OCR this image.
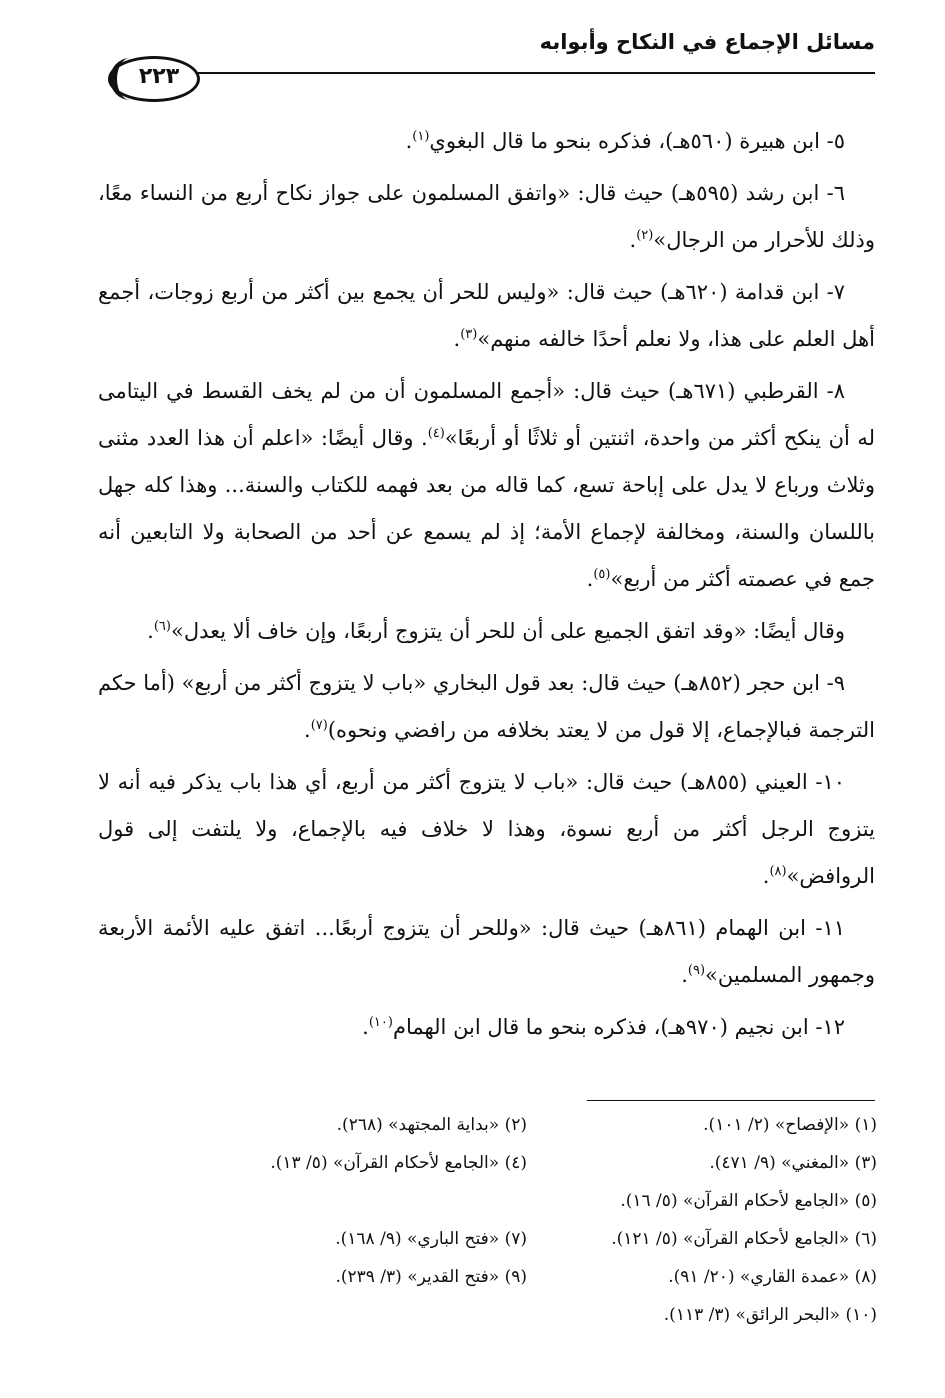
مسائل الإجماع في النكاح وأبوابه
٢٢٣

٥- ابن هبيرة (٥٦٠هـ)، فذكره بنحو ما قال البغوي$^{(١)}$.

٦- ابن رشد (٥٩٥هـ) حيث قال: «واتفق المسلمون على جواز نكاح أربع من النساء معًا، وذلك للأحرار من الرجال»$^{(٢)}$.

٧- ابن قدامة (٦٢٠هـ) حيث قال: «وليس للحر أن يجمع بين أكثر من أربع زوجات، أجمع أهل العلم على هذا، ولا نعلم أحدًا خالفه منهم»$^{(٣)}$.

٨- القرطبي (٦٧١هـ) حيث قال: «أجمع المسلمون أن من لم يخف القسط في اليتامى له أن ينكح أكثر من واحدة، اثنتين أو ثلاثًا أو أربعًا»$^{(٤)}$. وقال أيضًا: «اعلم أن هذا العدد مثنى وثلاث ورباع لا يدل على إباحة تسع، كما قاله من بعد فهمه للكتاب والسنة... وهذا كله جهل باللسان والسنة، ومخالفة لإجماع الأمة؛ إذ لم يسمع عن أحد من الصحابة ولا التابعين أنه جمع في عصمته أكثر من أربع»$^{(٥)}$.

وقال أيضًا: «وقد اتفق الجميع على أن للحر أن يتزوج أربعًا، وإن خاف ألا يعدل»$^{(٦)}$.

٩- ابن حجر (٨٥٢هـ) حيث قال: بعد قول البخاري «باب لا يتزوج أكثر من أربع» (أما حكم الترجمة فبالإجماع، إلا قول من لا يعتد بخلافه من رافضي ونحوه)$^{(٧)}$.

١٠- العيني (٨٥٥هـ) حيث قال: «باب لا يتزوج أكثر من أربع، أي هذا باب يذكر فيه أنه لا يتزوج الرجل أكثر من أربع نسوة، وهذا لا خلاف فيه بالإجماع، ولا يلتفت إلى قول الروافض»$^{(٨)}$.

١١- ابن الهمام (٨٦١هـ) حيث قال: «وللحر أن يتزوج أربعًا... اتفق عليه الأئمة الأربعة وجمهور المسلمين»$^{(٩)}$.

١٢- ابن نجيم (٩٧٠هـ)، فذكره بنحو ما قال ابن الهمام$^{(١٠)}$.

(١) «الإفصاح» (٢/ ١٠١).
(٢) «بداية المجتهد» (٢٦٨).
(٣) «المغني» (٩/ ٤٧١).
(٤) «الجامع لأحكام القرآن» (٥/ ١٣).
(٥) «الجامع لأحكام القرآن» (٥/ ١٦).
(٦) «الجامع لأحكام القرآن» (٥/ ١٢١).
(٧) «فتح الباري» (٩/ ١٦٨).
(٨) «عمدة القاري» (٢٠/ ٩١).
(٩) «فتح القدير» (٣/ ٢٣٩).
(١٠) «البحر الرائق» (٣/ ١١٣).
